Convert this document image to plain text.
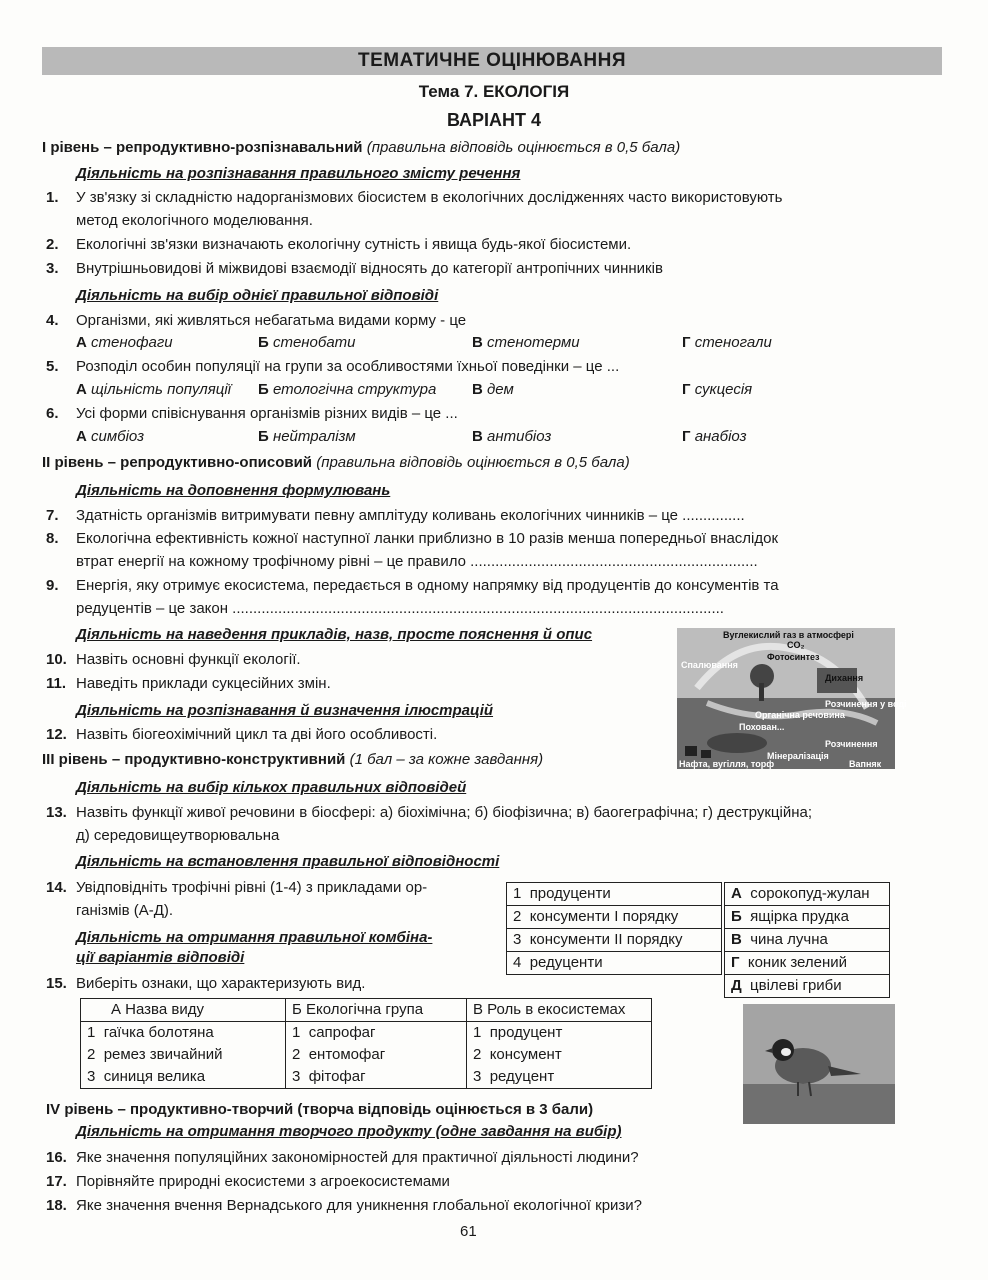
ТЕМАТИЧНЕ ОЦІНЮВАННЯ
Тема 7. ЕКОЛОГІЯ
ВАРІАНТ 4
І рівень – репродуктивно-розпізнавальний (правильна відповідь оцінюється в 0,5 бала)
Діяльність на розпізнавання правильного змісту речення
1. У зв'язку зі складністю надорганізмових біосистем в екологічних дослідженнях часто використовують
метод екологічного моделювання.
2. Екологічні зв'язки визначають екологічну сутність і явища будь-якої біосистеми.
3. Внутрішньовидові й міжвидові взаємодії відносять до категорії антропічних чинників
Діяльність на вибір однієї правильної відповіді
4. Організми, які живляться небагатьма видами корму - це
А стенофаги	Б стенобати	В стенотерми	Г стеногали
5. Розподіл особин популяції на групи за особливостями їхньої поведінки – це ...
А щільність популяції Б етологічна структура В дем	Г сукцесія
6. Усі форми співіснування організмів різних видів – це ...
А симбіоз	Б нейтралізм	В антибіоз	Г анабіоз
ІІ рівень – репродуктивно-описовий (правильна відповідь оцінюється в 0,5 бала)
Діяльність на доповнення формулювань
7. Здатність організмів витримувати певну амплітуду коливань екологічних чинників – це ...............
8. Екологічна ефективність кожної наступної ланки приблизно в 10 разів менша попередньої внаслідок
втрат енергії на кожному трофічному рівні – це правило .....................................................................
9. Енергія, яку отримує екосистема, передається в одному напрямку від продуцентів до консументів та
редуцентів – це закон ......................................................................................................................
Діяльність на наведення прикладів, назв, просте пояснення й опис
10. Назвіть основні функції екології.
11. Наведіть приклади сукцесійних змін.
Діяльність на розпізнавання й визначення ілюстрацій
12. Назвіть біогеохімічний цикл та дві його особливості.
Вуглекислий газ в атмосфері
CO₂
Фотосинтез
Спалювання
Дихання
Розчинення у воді
Органічна речовина
Похован...
Розчинення
Мінералізація
Нафта, вугілля, торф	Вапняк
ІІІ рівень – продуктивно-конструктивний (1 бал – за кожне завдання)
Діяльність на вибір кількох правильних відповідей
13. Назвіть функції живої речовини в біосфері: а) біохімічна; б) біофізична; в) баогеграфічна; г) деструкційна;
д) середовищеутворювальна
Діяльність на встановлення правильної відповідності
14. Увідповідніть трофічні рівні (1-4) з прикладами ор-
ганізмів (А-Д).
1 продуценти
2 консументи І порядку
3 консументи ІІ порядку
4 редуценти
А сорокопуд-жулан
Б ящірка прудка
В чина лучна
Г коник зелений
Д цвілеві гриби
Діяльність на отримання правильної комбіна-
ції варіантів відповіді
15. Виберіть ознаки, що характеризують вид.
А Назва виду	Б Екологічна група	В Роль в екосистемах
1 гаїчка болотяна	1 сапрофаг	1 продуцент
2 ремез звичайний	2 ентомофаг	2 консумент
3 синиця велика	3 фітофаг	3 редуцент
IV рівень – продуктивно-творчий (творча відповідь оцінюється в 3 бали)
Діяльність на отримання творчого продукту (одне завдання на вибір)
16. Яке значення популяційних закономірностей для практичної діяльності людини?
17. Порівняйте природні екосистеми з агроекосистемами
18. Яке значення вчення Вернадського для уникнення глобальної екологічної кризи?
61
